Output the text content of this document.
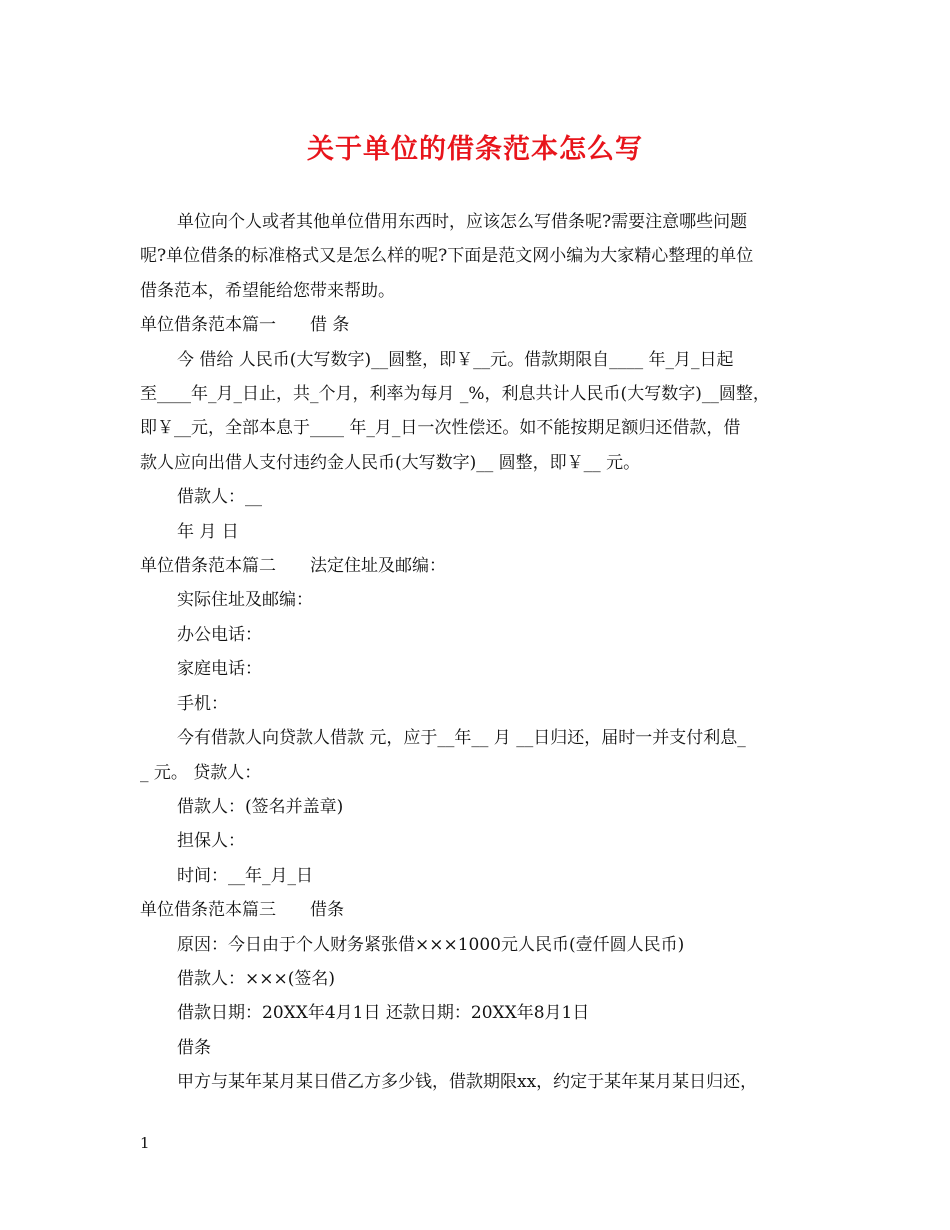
关于单位的借条范本怎么写

单位向个人或者其他单位借用东西时，应该怎么写借条呢?需要注意哪些问题

呢?单位借条的标准格式又是怎么样的呢?下面是范文网小编为大家精心整理的单位

借条范本，希望能给您带来帮助。

单位借条范本篇一　　借 条

今 借给 人民币(大写数字)__圆整，即￥__元。借款期限自____ 年_月_日起

至____年_月_日止，共_个月，利率为每月 _%，利息共计人民币(大写数字)__圆整，

即￥__元，全部本息于____ 年_月_日一次性偿还。如不能按期足额归还借款，借

款人应向出借人支付违约金人民币(大写数字)__ 圆整，即￥__ 元。

借款人：__

年 月 日

单位借条范本篇二　　法定住址及邮编：

实际住址及邮编：

办公电话：

家庭电话：

手机：

今有借款人向贷款人借款 元，应于__年__ 月 __日归还，届时一并支付利息_

_ 元。 贷款人：

借款人：(签名并盖章)

担保人：

时间：__年_月_日

单位借条范本篇三　　借条

原因：今日由于个人财务紧张借×××1000元人民币(壹仟圆人民币)

借款人：×××(签名)

借款日期：20XX年4月1日 还款日期：20XX年8月1日

借条

甲方与某年某月某日借乙方多少钱，借款期限xx，约定于某年某月某日归还，

1
